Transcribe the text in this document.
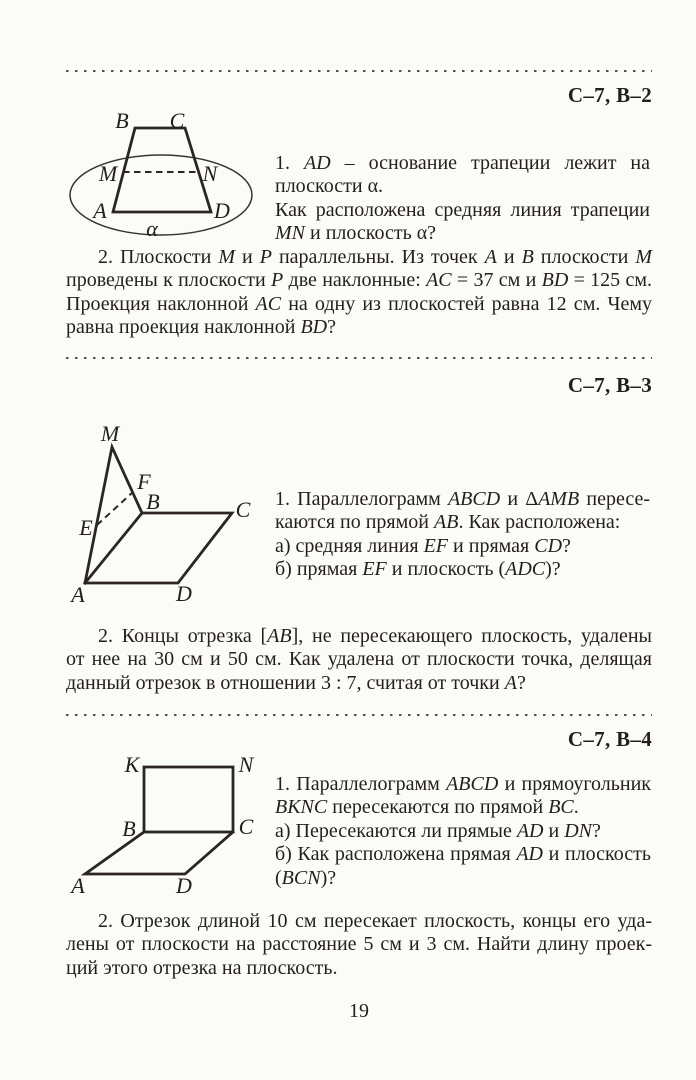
С–7, В–2
B C
M	N
A	D
α
1. AD – основание трапеции лежит на
плоскости α.
Как расположена средняя линия трапеции
MN и плоскость α?
2. Плоскости M и P параллельны. Из точек A и B плоскости M
проведены к плоскости P две наклонные: AC = 37 см и BD = 125 см.
Проекция наклонной AC на одну из плоскостей равна 12 см. Чему
равна проекция наклонной BD?
С–7, В–3
M
F
B	C
E
A	D
1. Параллелограмм ABCD и ΔAMB пересе-
каются по прямой AB. Как расположена:
а) средняя линия EF и прямая CD?
б) прямая EF и плоскость (ADC)?
2. Концы отрезка [AB], не пересекающего плоскость, удалены
от нее на 30 см и 50 см. Как удалена от плоскости точка, делящая
данный отрезок в отношении 3 : 7, считая от точки A?
С–7, В–4
K	N
B	C
A	D
1. Параллелограмм ABCD и прямоугольник
BKNC пересекаются по прямой BC.
а) Пересекаются ли прямые AD и DN?
б) Как расположена прямая AD и плоскость
(BCN)?
2. Отрезок длиной 10 см пересекает плоскость, концы его уда-
лены от плоскости на расстояние 5 см и 3 см. Найти длину проек-
ций этого отрезка на плоскость.
19
